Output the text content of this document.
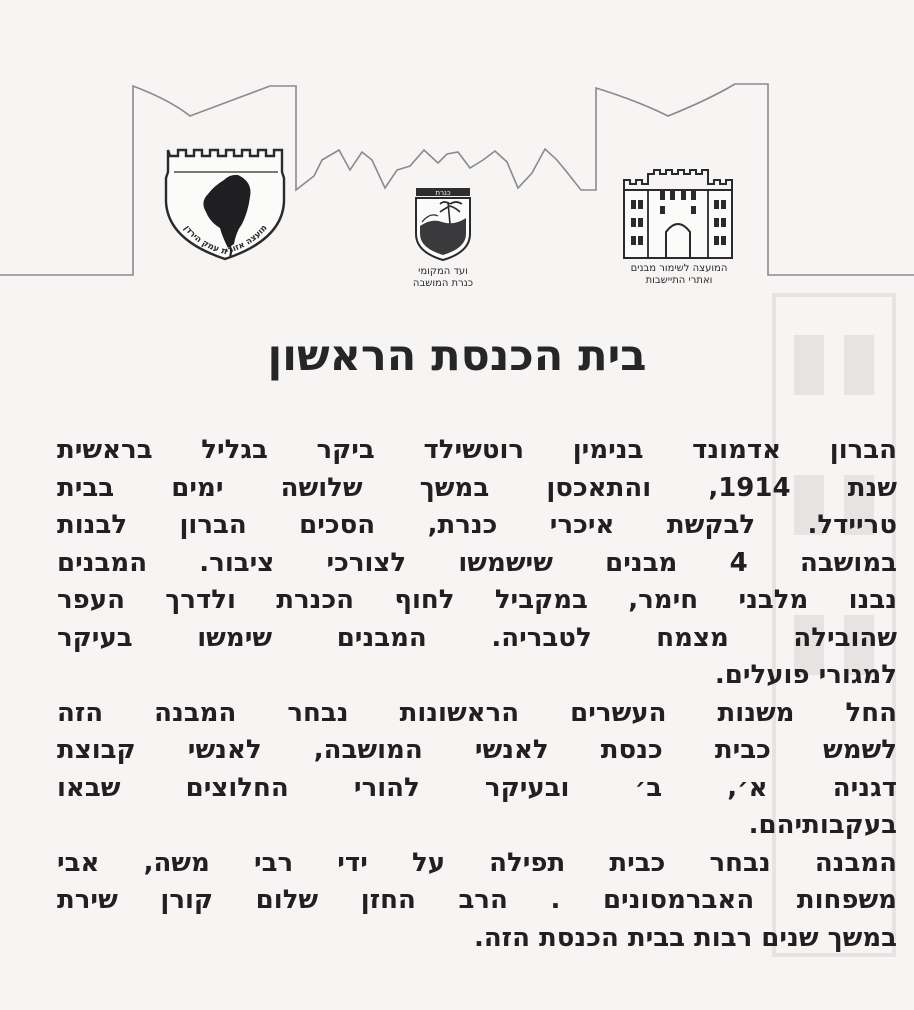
מועצה אזורית עמק הירדן
כנרת
ועד המקומי
כנרת המושבה
המועצה לשימור מבנים
ואתרי התיישבות
בית הכנסת הראשון
הברון אדמונד בנימין רוטשילד ביקר בגליל בראשית
שנת 1914, והתאכסן במשך שלושה ימים בבית
טריידל. לבקשת איכרי כנרת, הסכים הברון לבנות
במושבה 4 מבנים שישמשו לצורכי ציבור. המבנים
נבנו מלבני חימר, במקביל לחוף הכנרת ולדרך העפר
שהובילה מצמח לטבריה. המבנים שימשו בעיקר
למגורי פועלים.
החל משנות העשרים הראשונות נבחר המבנה הזה
לשמש כבית כנסת לאנשי המושבה, לאנשי קבוצת
דגניה א׳, ב׳ ובעיקר להורי החלוצים שבאו
בעקבותיהם.
המבנה נבחר כבית תפילה על ידי רבי משה, אבי
משפחות האברמסונים . הרב החזן שלום קורן שירת
במשך שנים רבות בבית הכנסת הזה.
